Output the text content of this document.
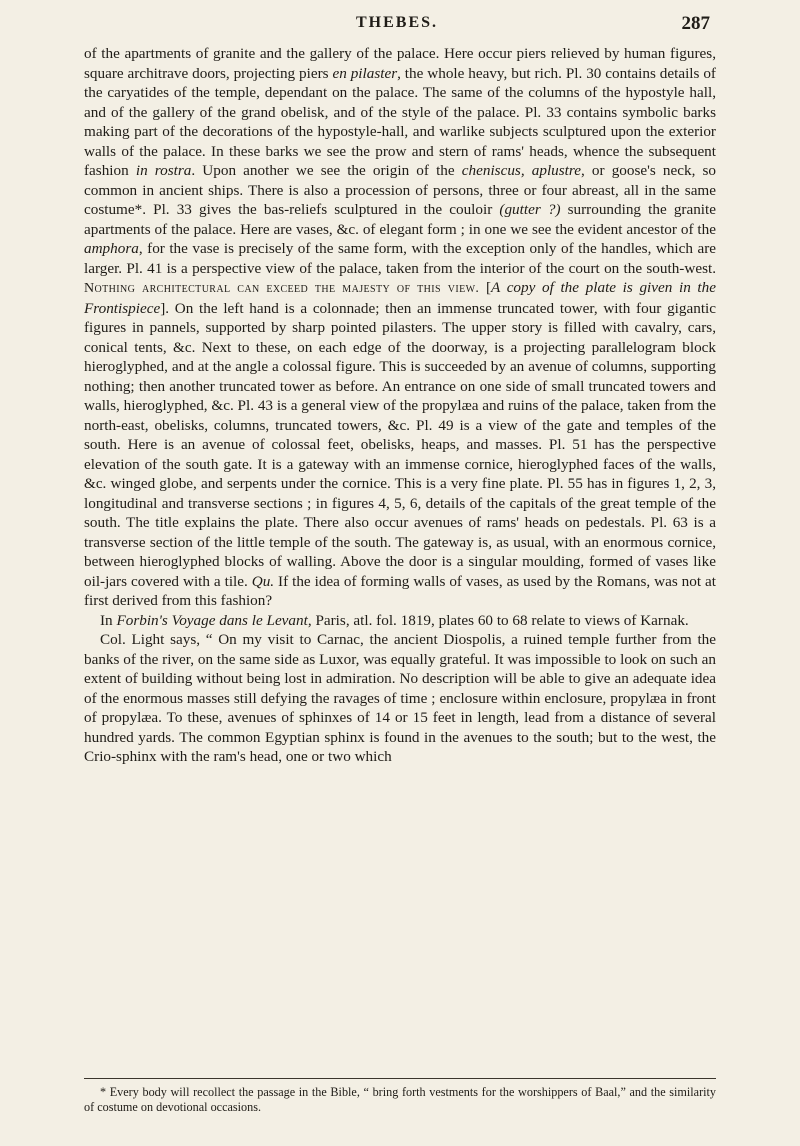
THEBES.	287

of the apartments of granite and the gallery of the palace. Here occur piers relieved by human figures, square architrave doors, projecting piers en pilaster, the whole heavy, but rich. Pl. 30 contains details of the caryatides of the temple, dependant on the palace. The same of the columns of the hypostyle hall, and of the gallery of the grand obelisk, and of the style of the palace. Pl. 33 contains symbolic barks making part of the decorations of the hypostyle-hall, and warlike subjects sculptured upon the exterior walls of the palace. In these barks we see the prow and stern of rams' heads, whence the subsequent fashion in rostra. Upon another we see the origin of the cheniscus, aplustre, or goose's neck, so common in ancient ships. There is also a procession of persons, three or four abreast, all in the same costume*. Pl. 33 gives the bas-reliefs sculptured in the couloir (gutter ?) surrounding the granite apartments of the palace. Here are vases, &c. of elegant form ; in one we see the evident ancestor of the amphora, for the vase is precisely of the same form, with the exception only of the handles, which are larger. Pl. 41 is a perspective view of the palace, taken from the interior of the court on the south-west. Nothing architectural can exceed the majesty of this view. [A copy of the plate is given in the Frontispiece]. On the left hand is a colonnade; then an immense truncated tower, with four gigantic figures in pannels, supported by sharp pointed pilasters. The upper story is filled with cavalry, cars, conical tents, &c. Next to these, on each edge of the doorway, is a projecting parallelogram block hieroglyphed, and at the angle a colossal figure. This is succeeded by an avenue of columns, supporting nothing; then another truncated tower as before. An entrance on one side of small truncated towers and walls, hieroglyphed, &c. Pl. 43 is a general view of the propylæa and ruins of the palace, taken from the north-east, obelisks, columns, truncated towers, &c. Pl. 49 is a view of the gate and temples of the south. Here is an avenue of colossal feet, obelisks, heaps, and masses. Pl. 51 has the perspective elevation of the south gate. It is a gateway with an immense cornice, hieroglyphed faces of the walls, &c. winged globe, and serpents under the cornice. This is a very fine plate. Pl. 55 has in figures 1, 2, 3, longitudinal and transverse sections ; in figures 4, 5, 6, details of the capitals of the great temple of the south. The title explains the plate. There also occur avenues of rams' heads on pedestals. Pl. 63 is a transverse section of the little temple of the south. The gateway is, as usual, with an enormous cornice, between hieroglyphed blocks of walling. Above the door is a singular moulding, formed of vases like oil-jars covered with a tile. Qu. If the idea of forming walls of vases, as used by the Romans, was not at first derived from this fashion?

In Forbin's Voyage dans le Levant, Paris, atl. fol. 1819, plates 60 to 68 relate to views of Karnak.

Col. Light says, “ On my visit to Carnac, the ancient Diospolis, a ruined temple further from the banks of the river, on the same side as Luxor, was equally grateful. It was impossible to look on such an extent of building without being lost in admiration. No description will be able to give an adequate idea of the enormous masses still defying the ravages of time ; enclosure within enclosure, propylæa in front of propylæa. To these, avenues of sphinxes of 14 or 15 feet in length, lead from a distance of several hundred yards. The common Egyptian sphinx is found in the avenues to the south; but to the west, the Crio-sphinx with the ram's head, one or two which

* Every body will recollect the passage in the Bible, “ bring forth vestments for the worshippers of Baal,” and the similarity of costume on devotional occasions.
